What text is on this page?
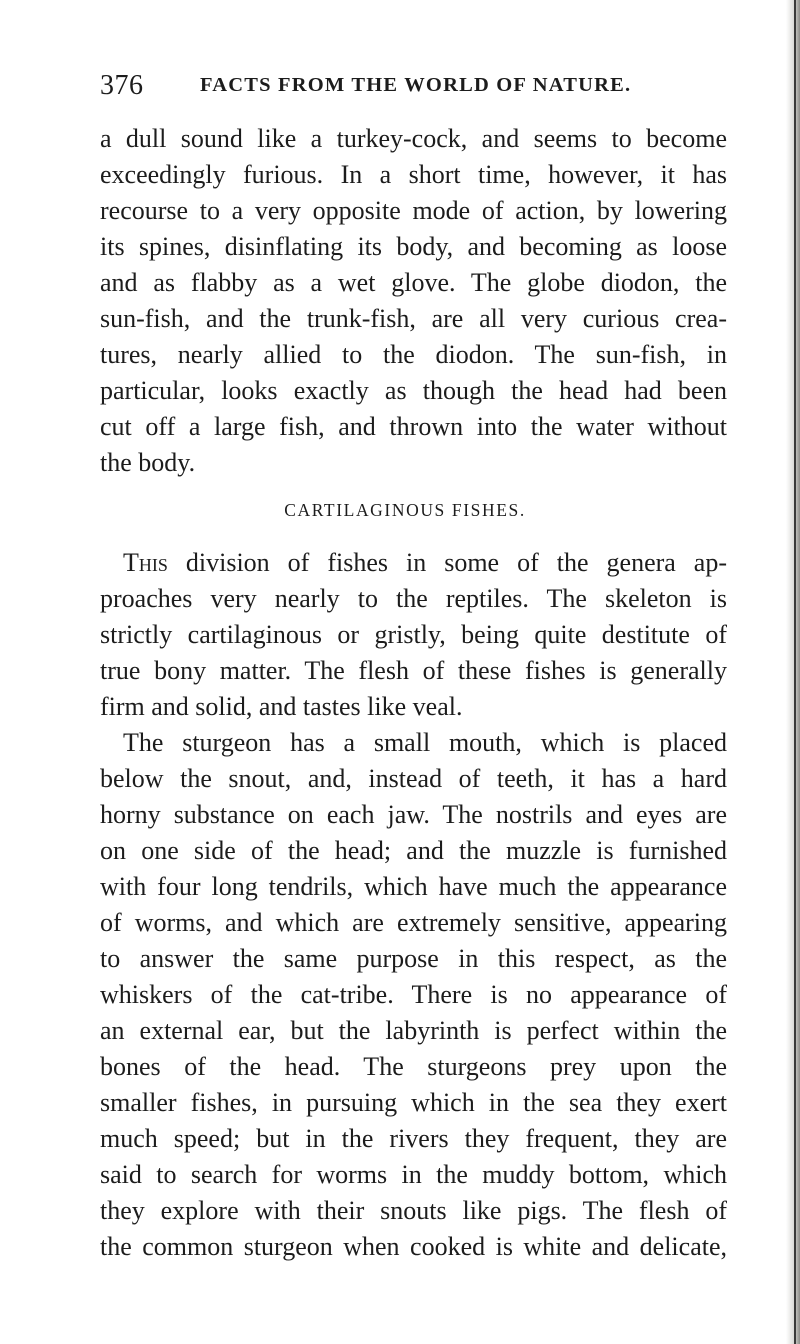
376	FACTS FROM THE WORLD OF NATURE.
a dull sound like a turkey-cock, and seems to become
exceedingly furious. In a short time, however, it has
recourse to a very opposite mode of action, by lowering
its spines, disinflating its body, and becoming as loose
and as flabby as a wet glove. The globe diodon, the
sun-fish, and the trunk-fish, are all very curious crea-
tures, nearly allied to the diodon. The sun-fish, in
particular, looks exactly as though the head had been
cut off a large fish, and thrown into the water without
the body.
CARTILAGINOUS FISHES.
This division of fishes in some of the genera ap-
proaches very nearly to the reptiles. The skeleton is
strictly cartilaginous or gristly, being quite destitute of
true bony matter. The flesh of these fishes is generally
firm and solid, and tastes like veal.
The sturgeon has a small mouth, which is placed
below the snout, and, instead of teeth, it has a hard
horny substance on each jaw. The nostrils and eyes are
on one side of the head; and the muzzle is furnished
with four long tendrils, which have much the appearance
of worms, and which are extremely sensitive, appearing
to answer the same purpose in this respect, as the
whiskers of the cat-tribe. There is no appearance of
an external ear, but the labyrinth is perfect within the
bones of the head. The sturgeons prey upon the
smaller fishes, in pursuing which in the sea they exert
much speed; but in the rivers they frequent, they are
said to search for worms in the muddy bottom, which
they explore with their snouts like pigs. The flesh of
the common sturgeon when cooked is white and delicate,
